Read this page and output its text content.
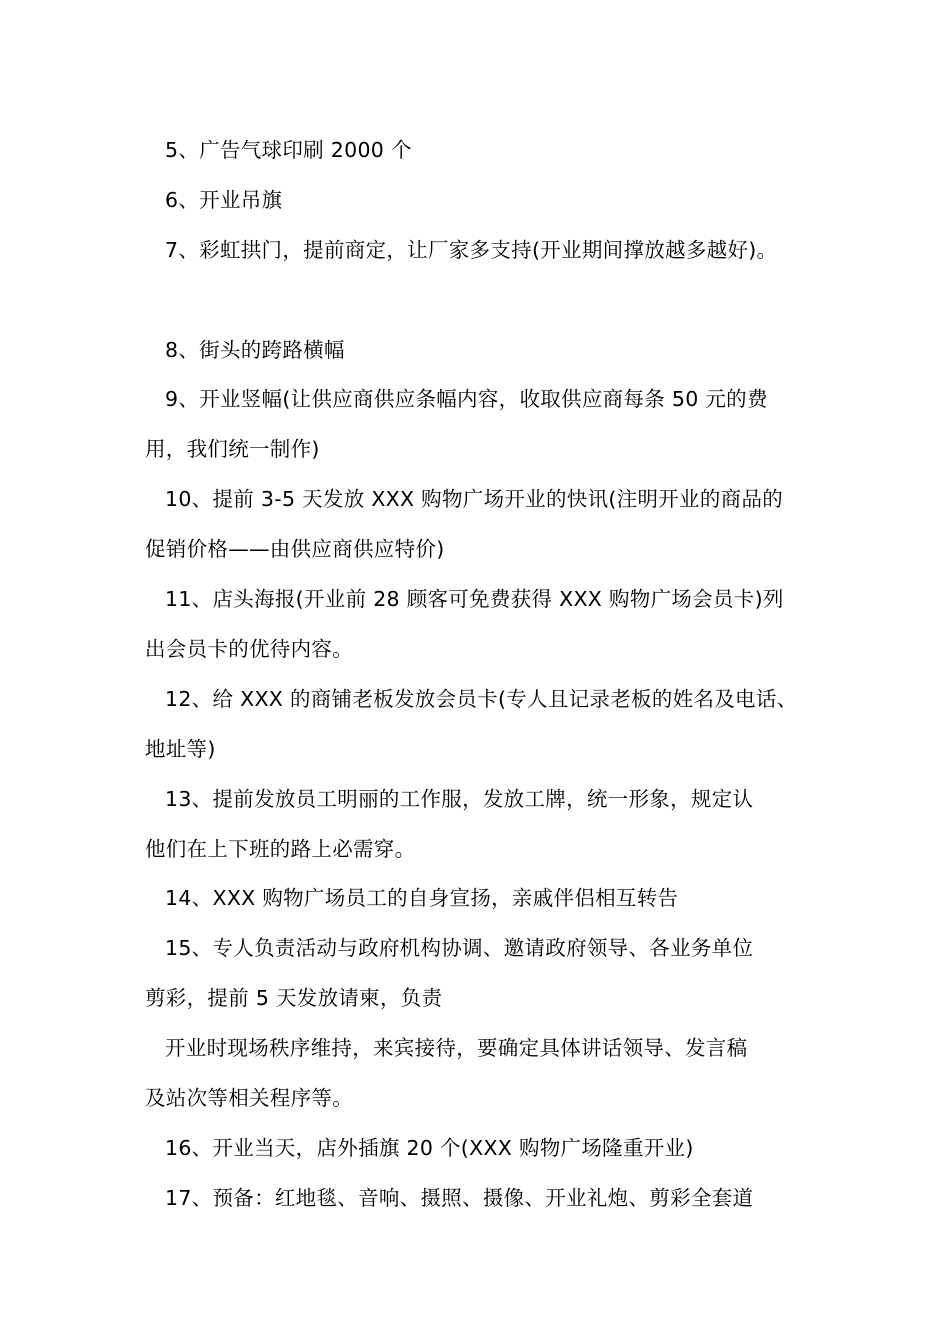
5、广告气球印刷 2000 个
6、开业吊旗
7、彩虹拱门，提前商定，让厂家多支持(开业期间撑放越多越好)。
8、街头的跨路横幅
9、开业竖幅(让供应商供应条幅内容，收取供应商每条 50 元的费
用，我们统一制作)
10、提前 3-5 天发放 XXX 购物广场开业的快讯(注明开业的商品的
促销价格——由供应商供应特价)
11、店头海报(开业前 28 顾客可免费获得 XXX 购物广场会员卡)列
出会员卡的优待内容。
12、给 XXX 的商铺老板发放会员卡(专人且记录老板的姓名及电话、
地址等)
13、提前发放员工明丽的工作服，发放工牌，统一形象，规定认
他们在上下班的路上必需穿。
14、XXX 购物广场员工的自身宣扬，亲戚伴侣相互转告
15、专人负责活动与政府机构协调、邀请政府领导、各业务单位
剪彩，提前 5 天发放请柬，负责
开业时现场秩序维持，来宾接待，要确定具体讲话领导、发言稿
及站次等相关程序等。
16、开业当天，店外插旗 20 个(XXX 购物广场隆重开业)
17、预备：红地毯、音响、摄照、摄像、开业礼炮、剪彩全套道
